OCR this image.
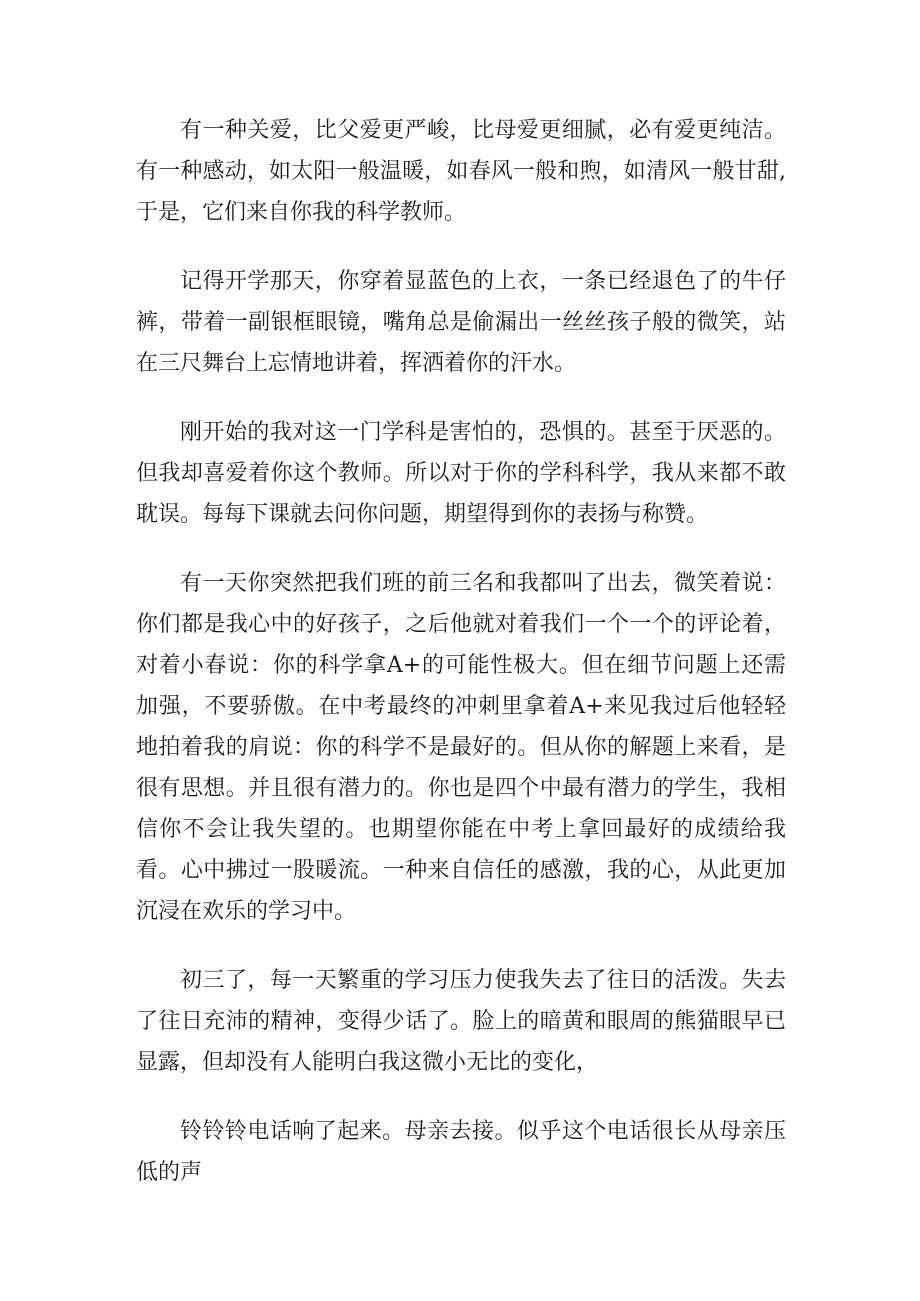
有一种关爱，比父爱更严峻，比母爱更细腻，必有爱更纯洁。有一种感动，如太阳一般温暖，如春风一般和煦，如清风一般甘甜,于是，它们来自你我的科学教师。

记得开学那天，你穿着显蓝色的上衣，一条已经退色了的牛仔裤，带着一副银框眼镜，嘴角总是偷漏出一丝丝孩子般的微笑，站在三尺舞台上忘情地讲着，挥洒着你的汗水。

刚开始的我对这一门学科是害怕的，恐惧的。甚至于厌恶的。但我却喜爱着你这个教师。所以对于你的学科科学，我从来都不敢耽误。每每下课就去问你问题，期望得到你的表扬与称赞。

有一天你突然把我们班的前三名和我都叫了出去，微笑着说：你们都是我心中的好孩子，之后他就对着我们一个一个的评论着，对着小春说：你的科学拿A+的可能性极大。但在细节问题上还需加强，不要骄傲。在中考最终的冲刺里拿着A+来见我过后他轻轻地拍着我的肩说：你的科学不是最好的。但从你的解题上来看，是很有思想。并且很有潜力的。你也是四个中最有潜力的学生，我相信你不会让我失望的。也期望你能在中考上拿回最好的成绩给我看。心中拂过一股暖流。一种来自信任的感激，我的心，从此更加沉浸在欢乐的学习中。

初三了，每一天繁重的学习压力使我失去了往日的活泼。失去了往日充沛的精神，变得少话了。脸上的暗黄和眼周的熊猫眼早已显露，但却没有人能明白我这微小无比的变化，

铃铃铃电话响了起来。母亲去接。似乎这个电话很长从母亲压低的声
